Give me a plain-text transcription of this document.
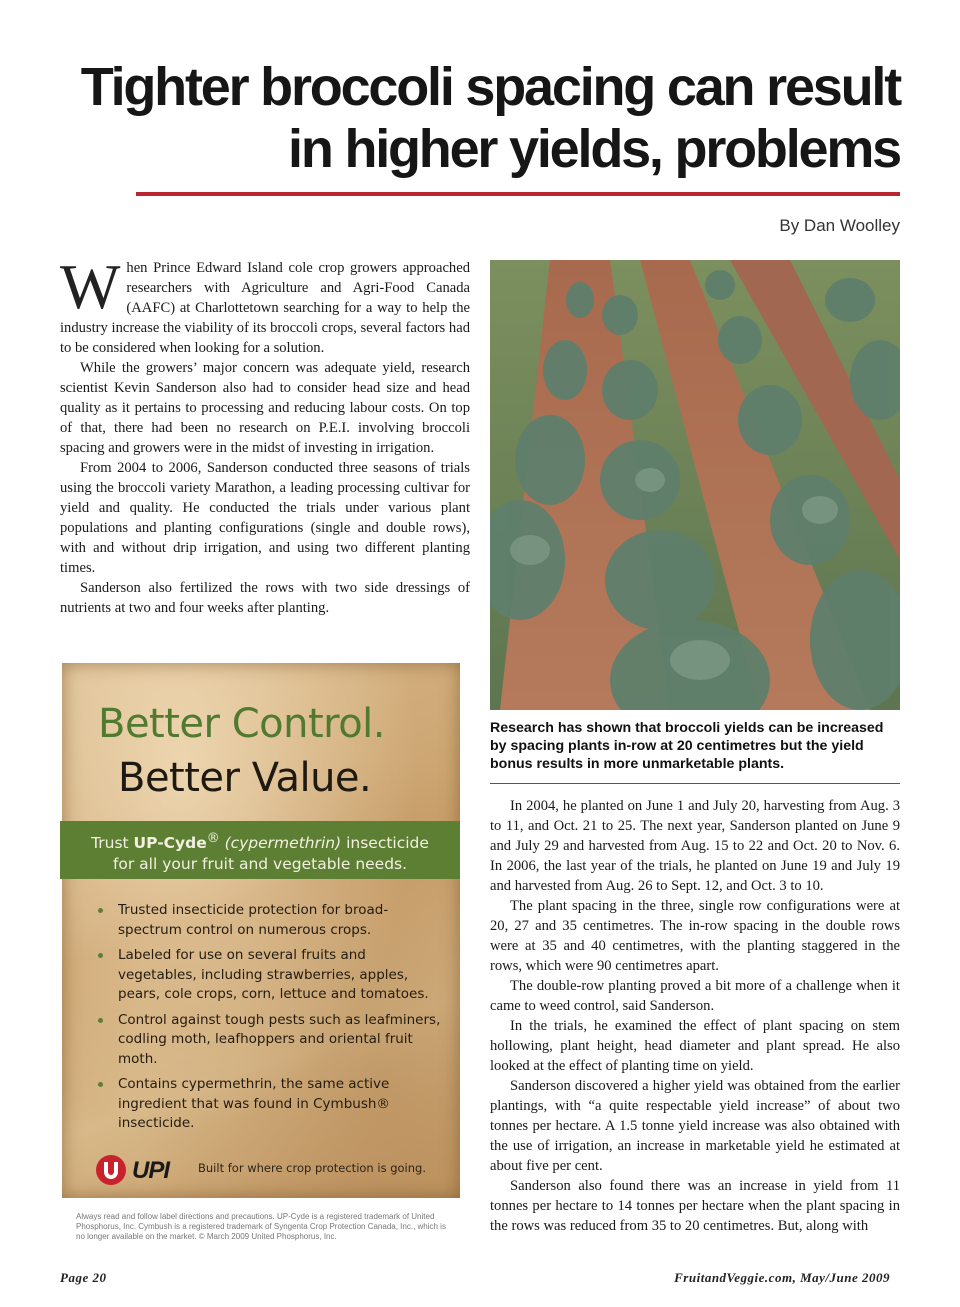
Tighter broccoli spacing can result
in higher yields, problems
By Dan Woolley

When Prince Edward Island cole crop growers approached researchers with Agriculture and Agri-Food Canada (AAFC) at Charlottetown searching for a way to help the industry increase the viability of its broccoli crops, several factors had to be considered when looking for a solution.

While the growers’ major concern was adequate yield, research scientist Kevin Sanderson also had to consider head size and head quality as it pertains to processing and reducing labour costs. On top of that, there had been no research on P.E.I. involving broccoli spacing and growers were in the midst of investing in irrigation.

From 2004 to 2006, Sanderson conducted three seasons of trials using the broccoli variety Marathon, a leading processing cultivar for yield and quality. He conducted the trials under various plant populations and planting configurations (single and double rows), with and without drip irrigation, and using two different planting times.

Sanderson also fertilized the rows with two side dressings of nutrients at two and four weeks after planting.

Research has shown that broccoli yields can be increased by spacing plants in-row at 20 centimetres but the yield bonus results in more unmarketable plants.

In 2004, he planted on June 1 and July 20, harvesting from Aug. 3 to 11, and Oct. 21 to 25. The next year, Sanderson planted on June 9 and July 29 and harvested from Aug. 15 to 22 and Oct. 20 to Nov. 6. In 2006, the last year of the trials, he planted on June 19 and July 19 and harvested from Aug. 26 to Sept. 12, and Oct. 3 to 10.

The plant spacing in the three, single row configurations were at 20, 27 and 35 centimetres. The in-row spacing in the double rows were at 35 and 40 centimetres, with the planting staggered in the rows, which were 90 centimetres apart.

The double-row planting proved a bit more of a challenge when it came to weed control, said Sanderson.

In the trials, he examined the effect of plant spacing on stem hollowing, plant height, head diameter and plant spread. He also looked at the effect of planting time on yield.

Sanderson discovered a higher yield was obtained from the earlier plantings, with “a quite respectable yield increase” of about two tonnes per hectare. A 1.5 tonne yield increase was also obtained with the use of irrigation, an increase in marketable yield he estimated at about five per cent.

Sanderson also found there was an increase in yield from 11 tonnes per hectare to 14 tonnes per hectare when the plant spacing in the rows was reduced from 35 to 20 centimetres. But, along with

Better Control.
Better Value.
Trust UP-Cyde® (cypermethrin) insecticide
for all your fruit and vegetable needs.
Trusted insecticide protection for broad-spectrum control on numerous crops.
Labeled for use on several fruits and vegetables, including strawberries, apples, pears, cole crops, corn, lettuce and tomatoes.
Control against tough pests such as leafminers, codling moth, leafhoppers and oriental fruit moth.
Contains cypermethrin, the same active ingredient that was found in Cymbush® insecticide.
UPI	Built for where crop protection is going.
Always read and follow label directions and precautions. UP-Cyde is a registered trademark of United Phosphorus, Inc. Cymbush is a registered trademark of Syngenta Crop Protection Canada, Inc., which is no longer available on the market. © March 2009 United Phosphorus, Inc.
Page 20	FruitandVeggie.com, May/June 2009
